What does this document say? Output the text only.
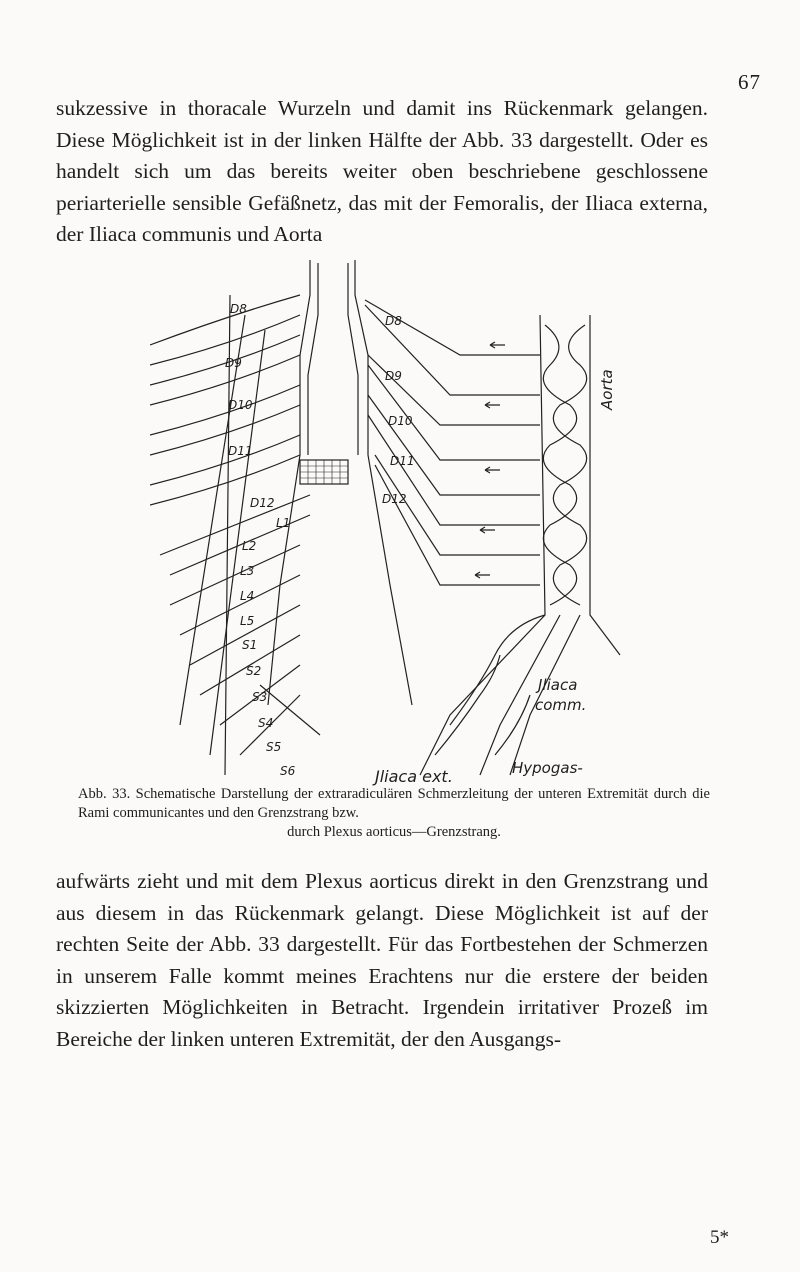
67

sukzessive in thoracale Wurzeln und damit ins Rückenmark gelangen. Diese Möglichkeit ist in der linken Hälfte der Abb. 33 dargestellt. Oder es handelt sich um das bereits weiter oben beschriebene geschlossene periarterielle sensible Gefäßnetz, das mit der Femoralis, der Iliaca externa, der Iliaca communis und Aorta

D8
D9
D10
D11
D12
L1
L2
L3
L4
L5
S1
S2
S3
S4
S5
S6
D8
D9
D10
D11
D12
Aorta
Jliaca
comm.
Hypogas-
Jliaca ext.

Abb. 33. Schematische Darstellung der extraradiculären Schmerzleitung der unteren Extremität durch die Rami communicantes und den Grenzstrang bzw.
durch Plexus aorticus—Grenzstrang.

aufwärts zieht und mit dem Plexus aorticus direkt in den Grenzstrang und aus diesem in das Rückenmark gelangt. Diese Möglichkeit ist auf der rechten Seite der Abb. 33 dargestellt. Für das Fortbestehen der Schmerzen in unserem Falle kommt meines Erachtens nur die erstere der beiden skizzierten Möglichkeiten in Betracht. Irgendein irritativer Prozeß im Bereiche der linken unteren Extremität, der den Ausgangs-

5*
